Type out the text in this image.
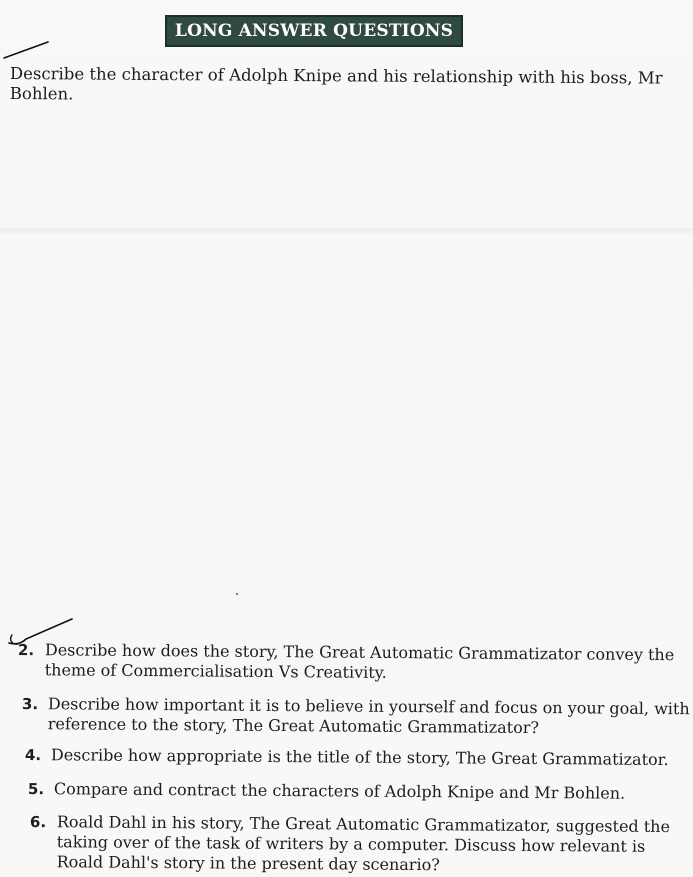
LONG ANSWER QUESTIONS
Describe the character of Adolph Knipe and his relationship with his boss, Mr Bohlen.
2. Describe how does the story, The Great Automatic Grammatizator convey the theme of Commercialisation Vs Creativity.
3. Describe how important it is to believe in yourself and focus on your goal, with reference to the story, The Great Automatic Grammatizator?
4. Describe how appropriate is the title of the story, The Great Grammatizator.
5. Compare and contract the characters of Adolph Knipe and Mr Bohlen.
6. Roald Dahl in his story, The Great Automatic Grammatizator, suggested the taking over of the task of writers by a computer. Discuss how relevant is Roald Dahl's story in the present day scenario?
